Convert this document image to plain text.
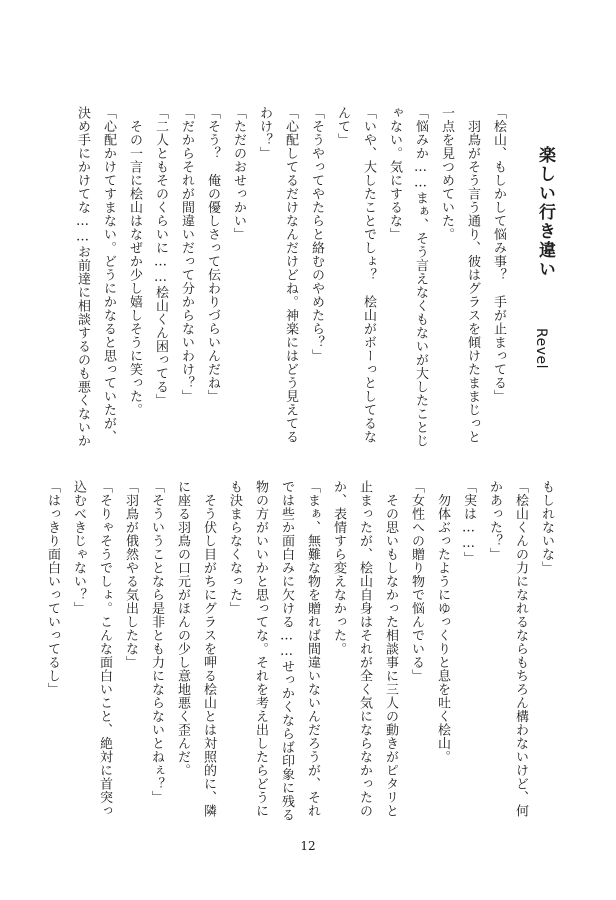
楽しい行き違い
Revel
「桧山、もしかして悩み事？　手が止まってる」
　羽鳥がそう言う通り、彼はグラスを傾けたままじっと
一点を見つめていた。
「悩みか……まぁ、そう言えなくもないが大したことじ
ゃない。気にするな」
「いや、大したことでしょ？　桧山がボーっとしてるな
んて」
「そうやってやたらと絡むのやめたら？」
「心配してるだけなんだけどね。神楽にはどう見えてる
わけ？」
「ただのおせっかい」
「そう？　俺の優しさって伝わりづらいんだね」
「だからそれが間違いだって分からないわけ？」
「二人ともそのくらいに……桧山くん困ってる」
　その一言に桧山はなぜか少し嬉しそうに笑った。
「心配かけてすまない。どうにかなると思っていたが、
決め手にかけてな……お前達に相談するのも悪くないか
もしれないな」
「桧山くんの力になれるならもちろん構わないけど、何
かあった？」
「実は……」
　勿体ぶったようにゆっくりと息を吐く桧山。
「女性への贈り物で悩んでいる」
　その思いもしなかった相談事に三人の動きがピタリと
止まったが、桧山自身はそれが全く気にならなかったの
か、表情すら変えなかった。
「まぁ、無難な物を贈れば間違いないんだろうが、それ
では些か面白みに欠ける……せっかくならば印象に残る
物の方がいいかと思ってな。それを考え出したらどうに
も決まらなくなった」
　そう伏し目がちにグラスを呷る桧山とは対照的に、隣
に座る羽鳥の口元がほんの少し意地悪く歪んだ。
「そういうことなら是非とも力にならないとねぇ？」
「羽鳥が俄然やる気出したな」
「そりゃそうでしょ。こんな面白いこと、絶対に首突っ
込むべきじゃない？」
「はっきり面白いっていってるし」
12
